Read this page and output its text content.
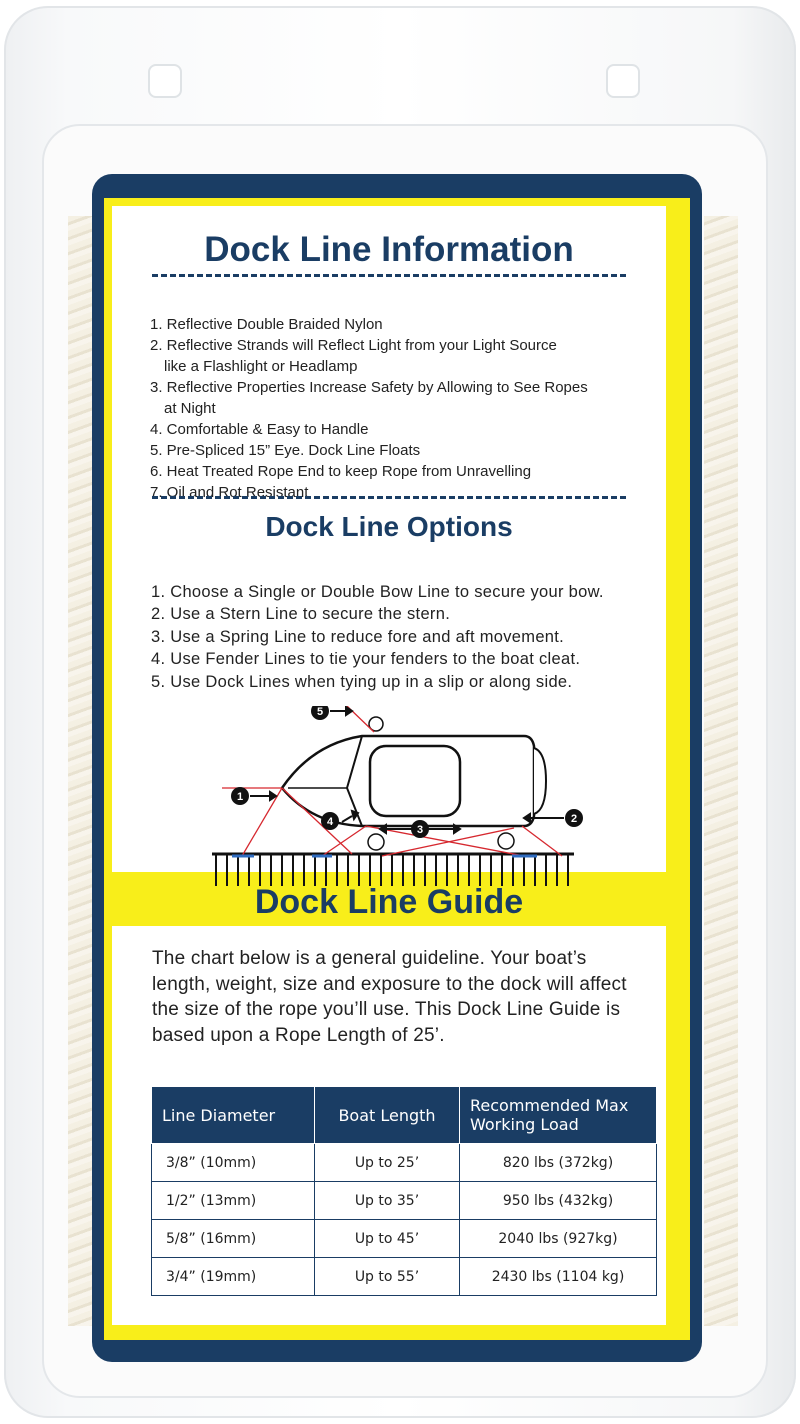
Dock Line Information
1. Reflective Double Braided Nylon
2. Reflective Strands will Reflect Light from your Light Source like a Flashlight or Headlamp
3. Reflective Properties Increase Safety by Allowing to See Ropes at Night
4. Comfortable & Easy to Handle
5. Pre-Spliced 15” Eye. Dock Line Floats
6. Heat Treated Rope End to keep Rope from Unravelling
7. Oil and Rot Resistant
Dock Line Options
1. Choose a Single or Double Bow Line to secure your bow.
2. Use a Stern Line to secure the stern.
3. Use a Spring Line to reduce fore and aft movement.
4. Use Fender Lines to tie your fenders to the boat cleat.
5. Use Dock Lines when tying up in a slip or along side.
1
2
3
4
5
Dock Line Guide

The chart below is a general guideline. Your boat’s length, weight, size and exposure to the dock will affect the size of the rope you’ll use. This Dock Line Guide is based upon a Rope Length of 25’.

Line Diameter	Boat Length	Recommended Max Working Load
3/8” (10mm)	Up to 25’	820 lbs (372kg)
1/2” (13mm)	Up to 35’	950 lbs (432kg)
5/8” (16mm)	Up to 45’	2040 lbs (927kg)
3/4” (19mm)	Up to 55’	2430 lbs (1104 kg)
